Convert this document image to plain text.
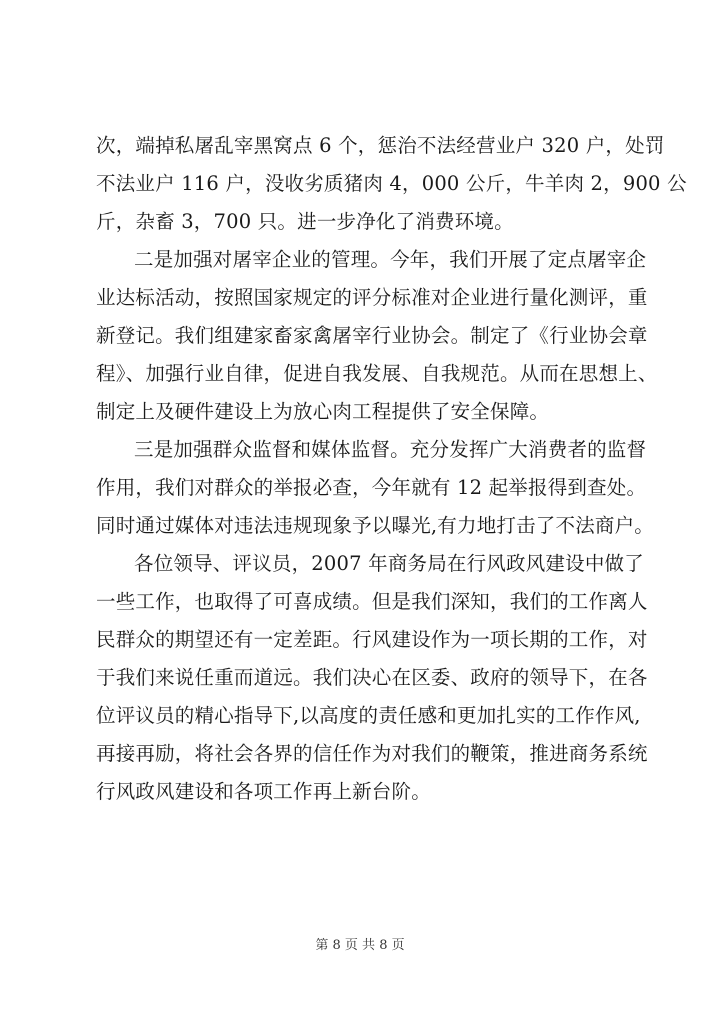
次，端掉私屠乱宰黑窝点 6 个，惩治不法经营业户 320 户，处罚
不法业户 116 户，没收劣质猪肉 4，000 公斤，牛羊肉 2，900 公
斤，杂畜 3，700 只。进一步净化了消费环境。
二是加强对屠宰企业的管理。今年，我们开展了定点屠宰企
业达标活动，按照国家规定的评分标准对企业进行量化测评，重
新登记。我们组建家畜家禽屠宰行业协会。制定了《行业协会章
程》、加强行业自律，促进自我发展、自我规范。从而在思想上、
制定上及硬件建设上为放心肉工程提供了安全保障。
三是加强群众监督和媒体监督。充分发挥广大消费者的监督
作用，我们对群众的举报必查，今年就有 12 起举报得到查处。
同时通过媒体对违法违规现象予以曝光,有力地打击了不法商户。
各位领导、评议员，2007 年商务局在行风政风建设中做了
一些工作，也取得了可喜成绩。但是我们深知，我们的工作离人
民群众的期望还有一定差距。行风建设作为一项长期的工作，对
于我们来说任重而道远。我们决心在区委、政府的领导下，在各
位评议员的精心指导下,以高度的责任感和更加扎实的工作作风,
再接再励，将社会各界的信任作为对我们的鞭策，推进商务系统
行风政风建设和各项工作再上新台阶。
第 8 页 共 8 页
